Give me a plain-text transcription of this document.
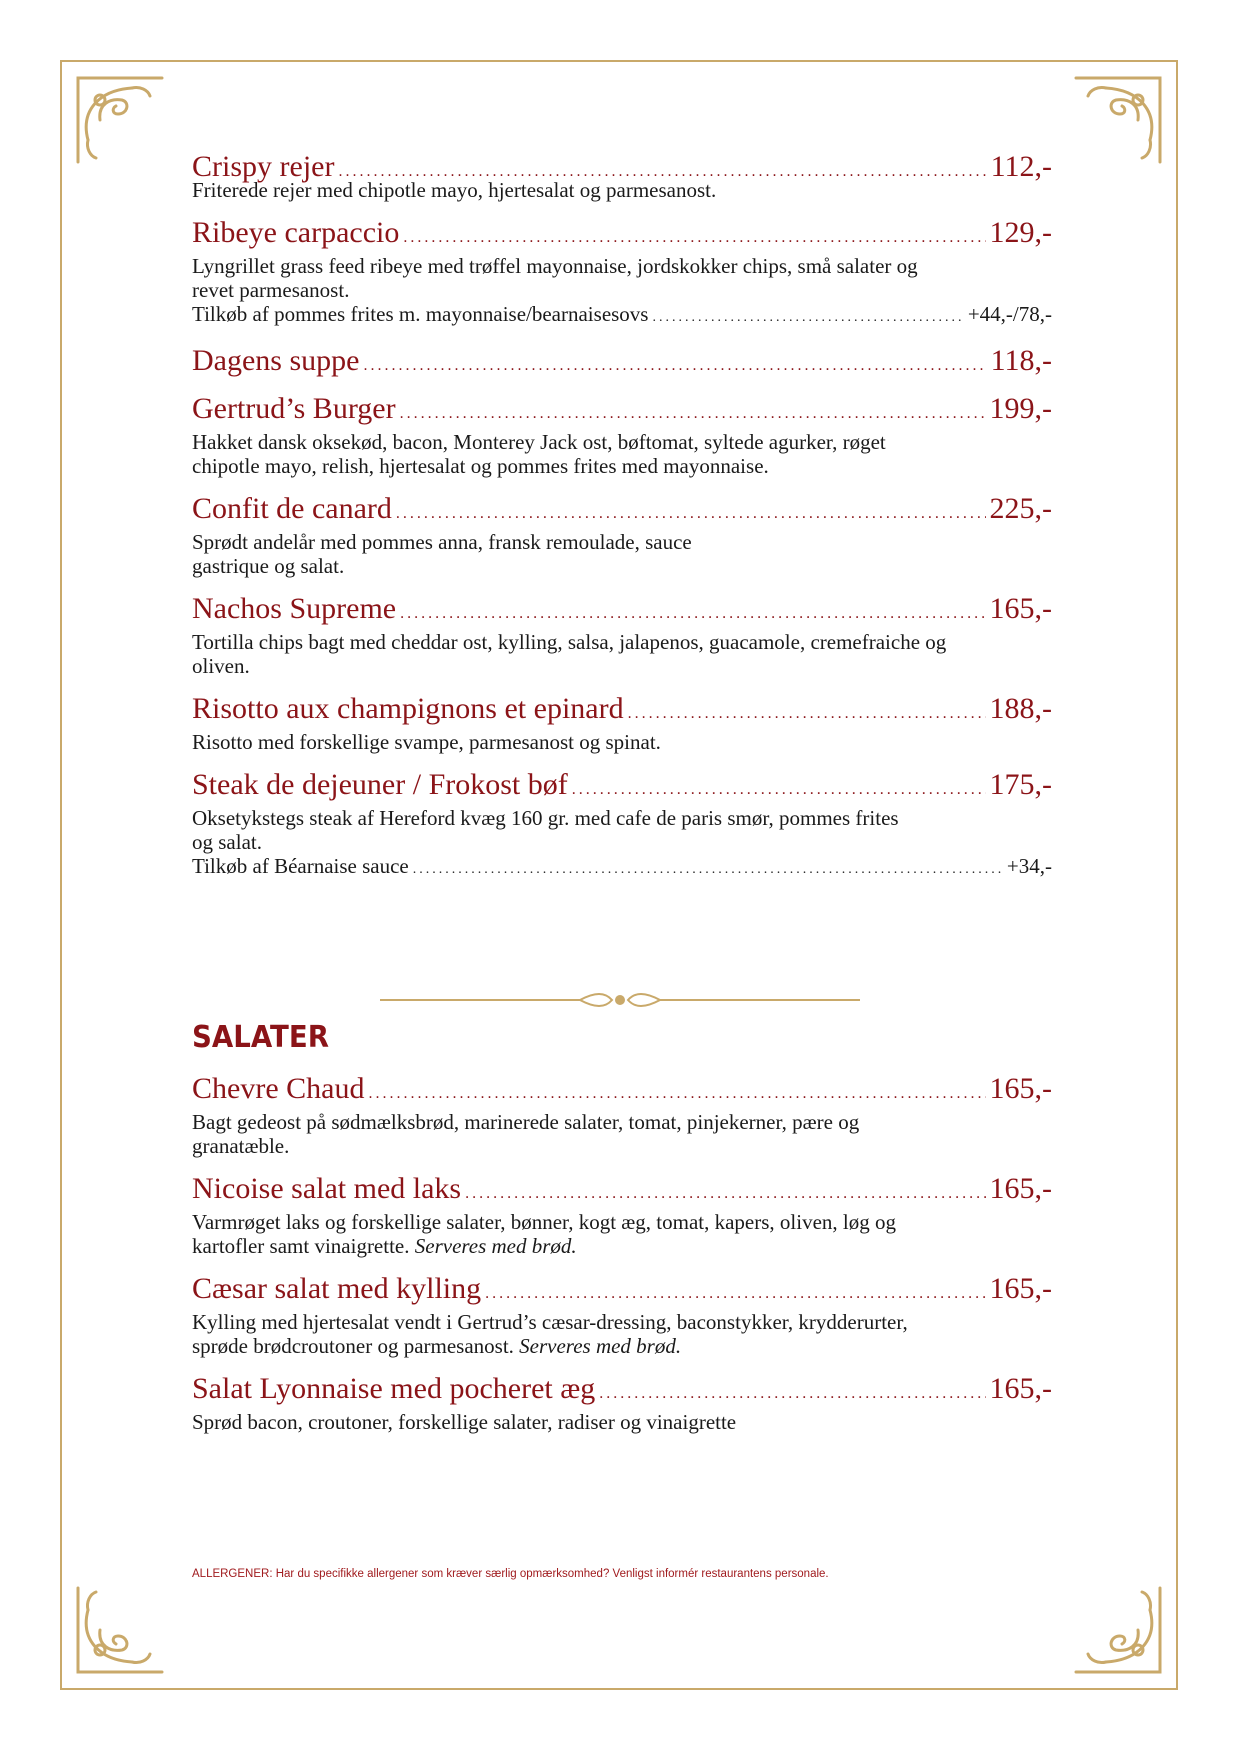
Crispy rejer .....	112,-
Friterede rejer med chipotle mayo, hjertesalat og parmesanost.
Ribeye carpaccio .....	129,-
Lyngrillet grass feed ribeye med trøffel mayonnaise, jordskokker chips, små salater og revet parmesanost.
Tilkøb af pommes frites m. mayonnaise/bearnaisesovs .....	+44,-/78,-
Dagens suppe .....	118,-
Gertrud’s Burger .....	199,-
Hakket dansk oksekød, bacon, Monterey Jack ost, bøftomat, syltede agurker, røget chipotle mayo, relish, hjertesalat og pommes frites med mayonnaise.
Confit de canard .....	225,-
Sprødt andelår med pommes anna, fransk remoulade, sauce gastrique og salat.
Nachos Supreme .....	165,-
Tortilla chips bagt med cheddar ost, kylling, salsa, jalapenos, guacamole, cremefraiche og oliven.
Risotto aux champignons et epinard .....	188,-
Risotto med forskellige svampe, parmesanost og spinat.
Steak de dejeuner / Frokost bøf .....	175,-
Oksetykstegs steak af Hereford kvæg 160 gr. med cafe de paris smør, pommes frites og salat.
Tilkøb af Béarnaise sauce .....	+34,-
SALATER
Chevre Chaud .....	165,-
Bagt gedeost på sødmælksbrød, marinerede salater, tomat, pinjekerner, pære og granatæble.
Nicoise salat med laks .....	165,-
Varmrøget laks og forskellige salater, bønner, kogt æg, tomat, kapers, oliven, løg og kartofler samt vinaigrette. Serveres med brød.
Cæsar salat med kylling .....	165,-
Kylling med hjertesalat vendt i Gertrud’s cæsar-dressing, baconstykker, krydderurter, sprøde brødcroutoner og parmesanost. Serveres med brød.
Salat Lyonnaise med pocheret æg .....	165,-
Sprød bacon, croutoner, forskellige salater, radiser og vinaigrette
ALLERGENER: Har du specifikke allergener som kræver særlig opmærksomhed? Venligst informér restaurantens personale.
